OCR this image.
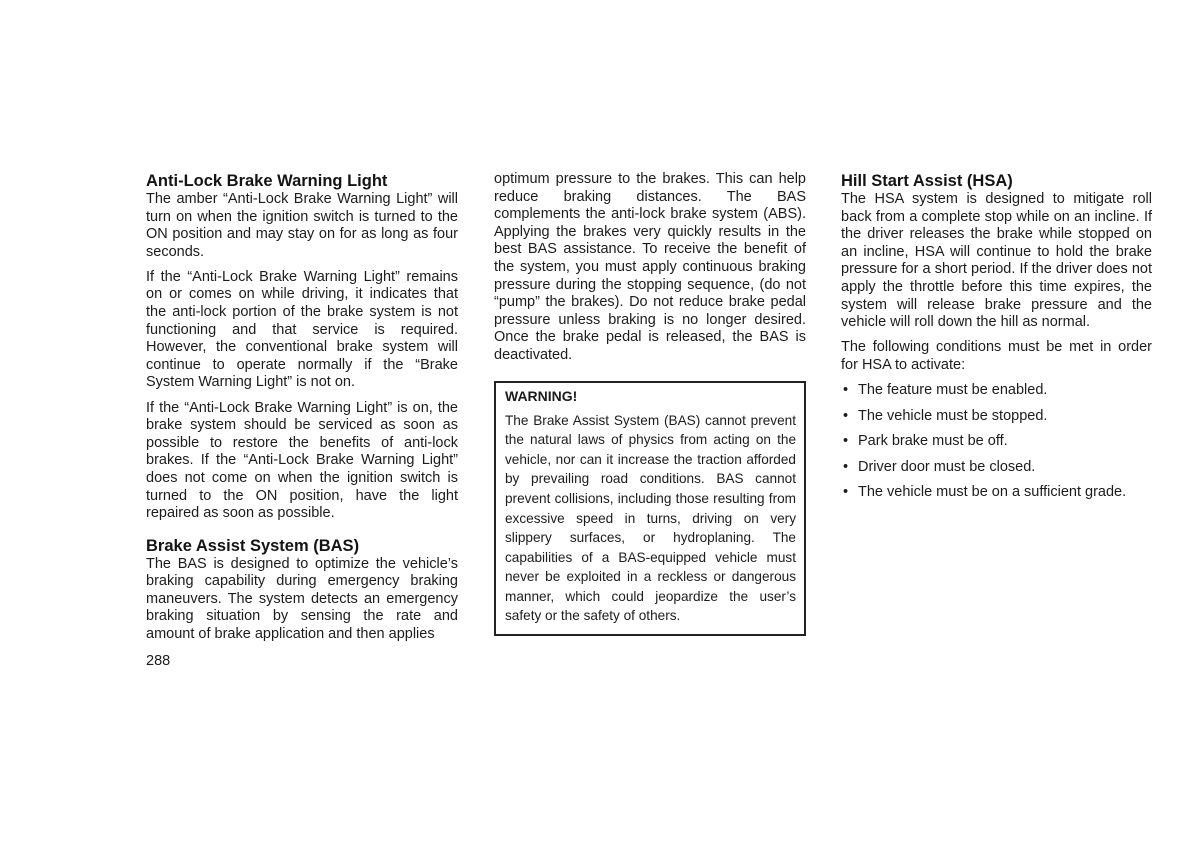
Anti-Lock Brake Warning Light

The amber “Anti-Lock Brake Warning Light” will turn on when the ignition switch is turned to the ON position and may stay on for as long as four seconds.

If the “Anti-Lock Brake Warning Light” remains on or comes on while driving, it indicates that the anti-lock portion of the brake system is not functioning and that service is required. However, the conventional brake system will continue to operate normally if the “Brake System Warning Light” is not on.

If the “Anti-Lock Brake Warning Light” is on, the brake system should be serviced as soon as possible to restore the benefits of anti-lock brakes. If the “Anti-Lock Brake Warning Light” does not come on when the ignition switch is turned to the ON position, have the light repaired as soon as possible.

Brake Assist System (BAS)

The BAS is designed to optimize the vehicle’s braking capability during emergency braking maneuvers. The system detects an emergency braking situation by sensing the rate and amount of brake application and then applies

optimum pressure to the brakes. This can help reduce braking distances. The BAS complements the anti-lock brake system (ABS). Applying the brakes very quickly results in the best BAS assistance. To receive the benefit of the system, you must apply continuous braking pressure during the stopping sequence, (do not “pump” the brakes). Do not reduce brake pedal pressure unless braking is no longer desired. Once the brake pedal is released, the BAS is deactivated.

WARNING!
The Brake Assist System (BAS) cannot prevent the natural laws of physics from acting on the vehicle, nor can it increase the traction afforded by prevailing road conditions. BAS cannot prevent collisions, including those resulting from excessive speed in turns, driving on very slippery surfaces, or hydroplaning. The capabilities of a BAS-equipped vehicle must never be exploited in a reckless or dangerous manner, which could jeopardize the user’s safety or the safety of others.
Hill Start Assist (HSA)

The HSA system is designed to mitigate roll back from a complete stop while on an incline. If the driver releases the brake while stopped on an incline, HSA will continue to hold the brake pressure for a short period. If the driver does not apply the throttle before this time expires, the system will release brake pressure and the vehicle will roll down the hill as normal.

The following conditions must be met in order for HSA to activate:

• The feature must be enabled.
• The vehicle must be stopped.
• Park brake must be off.
• Driver door must be closed.
• The vehicle must be on a sufficient grade.
288
